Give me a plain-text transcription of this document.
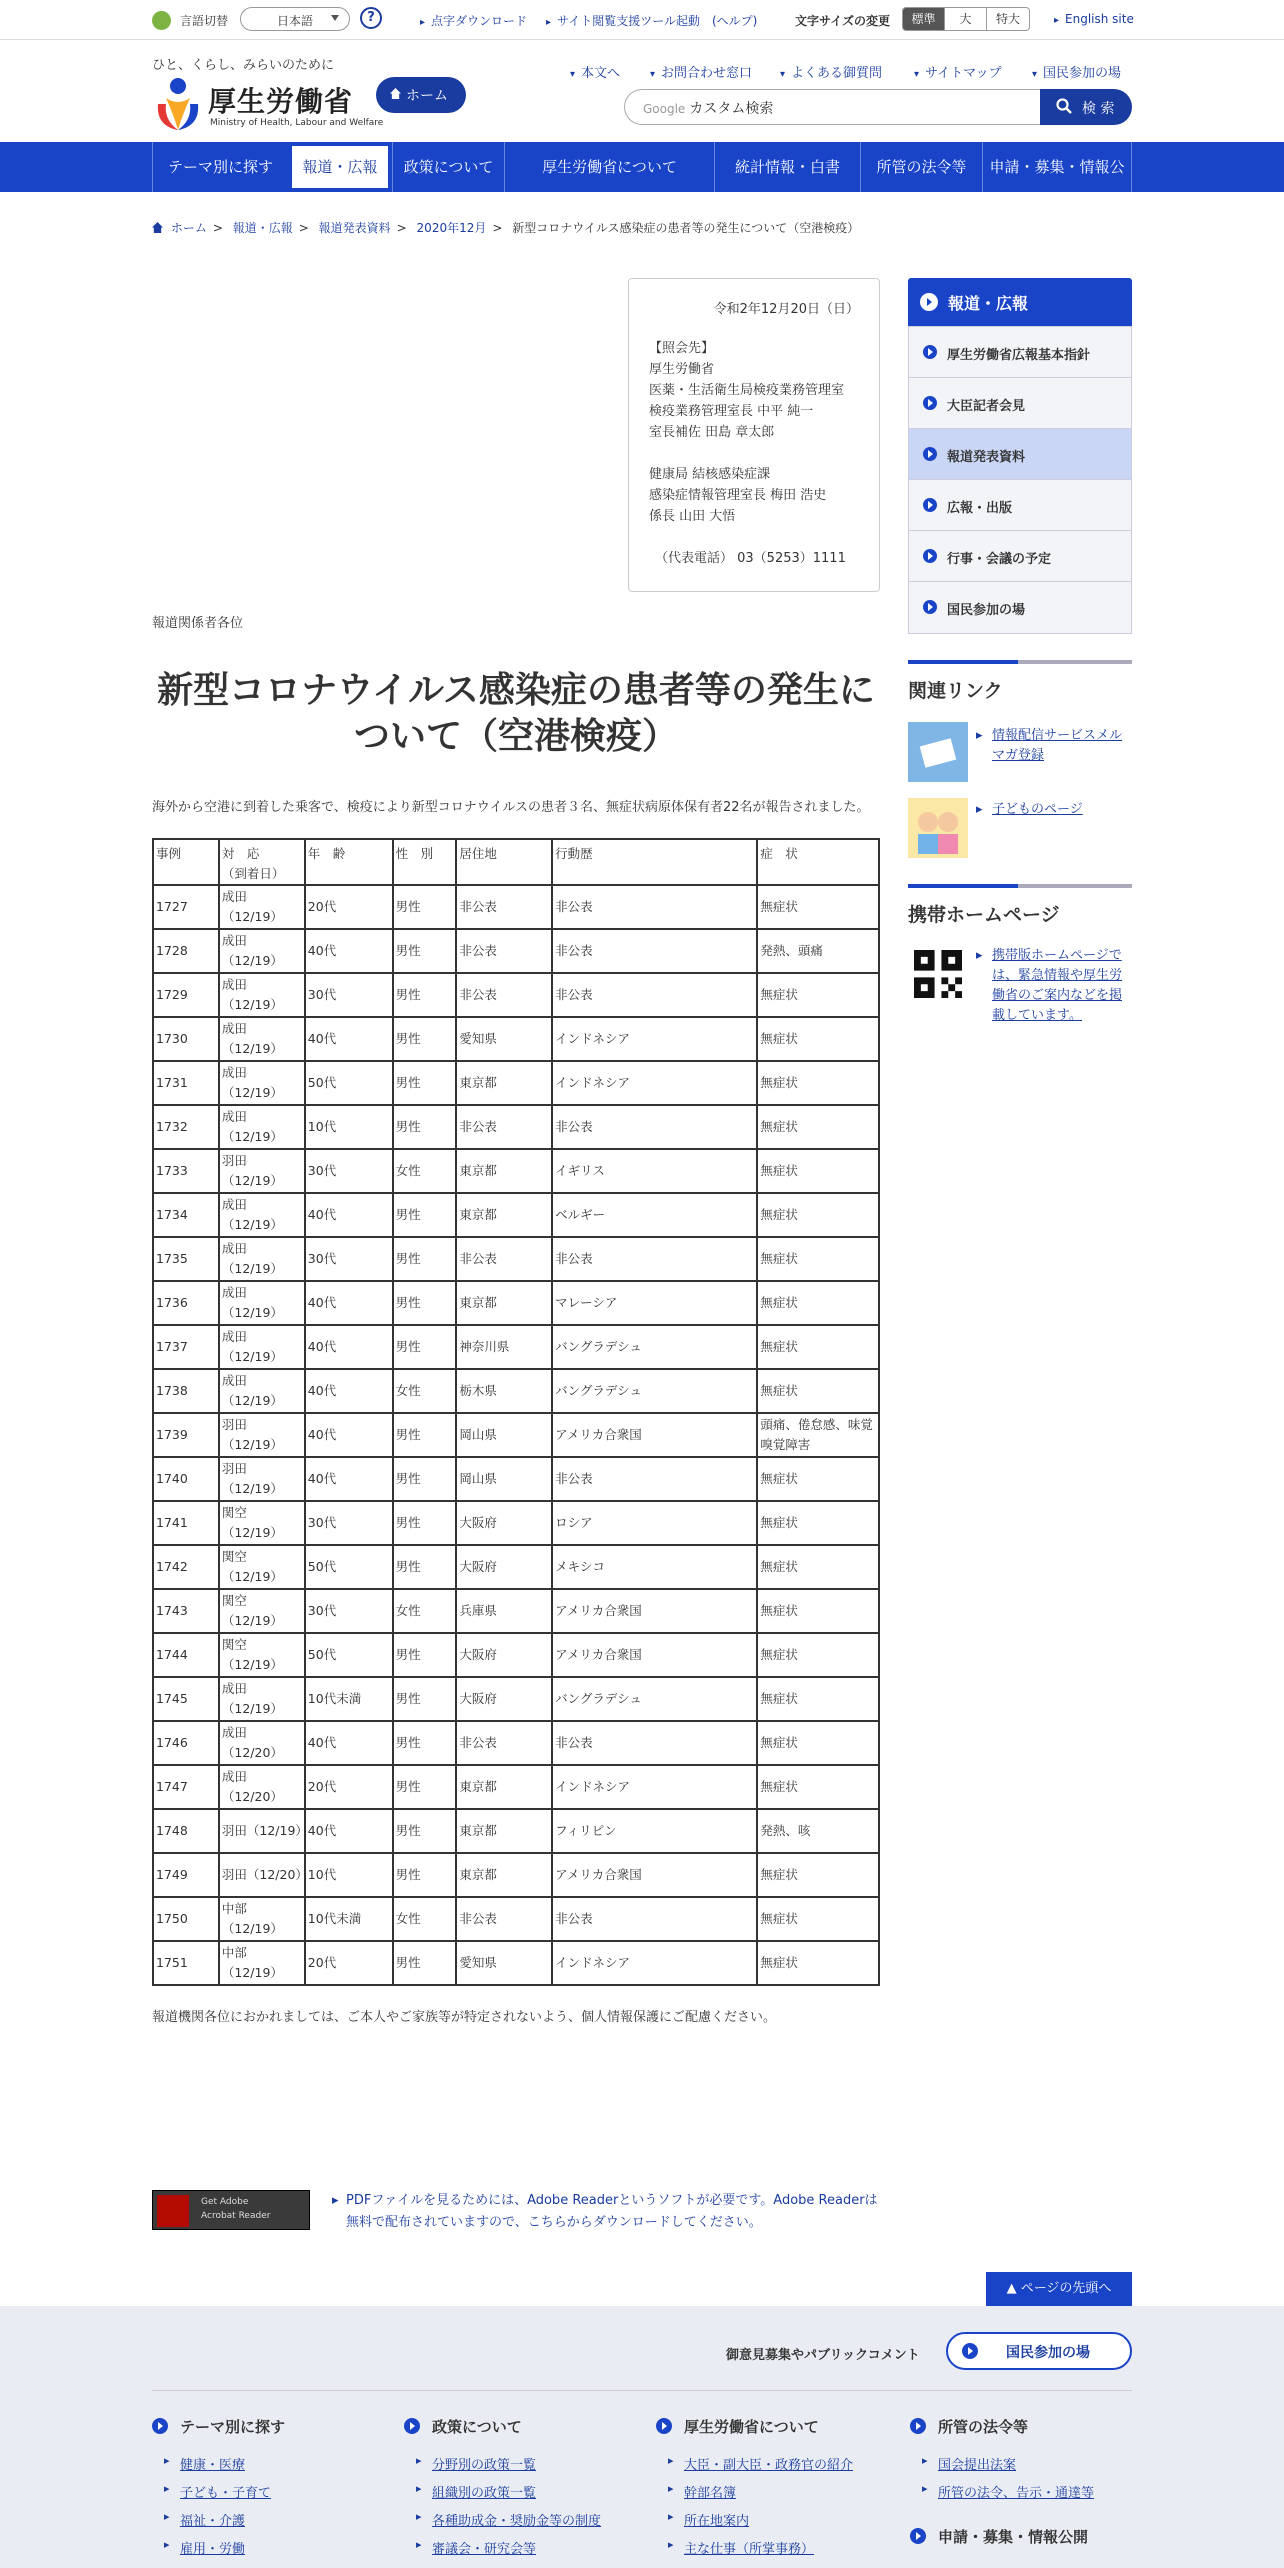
言語切替	日本語	?	▸ 点字ダウンロード	▸ サイト閲覧支援ツール起動　(ヘルプ)	文字サイズの変更	標準	大	特大	▸ English site
ひと、くらし、みらいのために
厚生労働省
Ministry of Health, Labour and Welfare
ホーム
▾ 本文へ	▾ お問合わせ窓口	▾ よくある御質問	▾ サイトマップ	▾ 国民参加の場
Google カスタム検索	検 索
テーマ別に探す	報道・広報	政策について	厚生労働省について	統計情報・白書	所管の法令等	申請・募集・情報公開
ホーム > 報道・広報 > 報道発表資料 > 2020年12月 > 新型コロナウイルス感染症の患者等の発生について（空港検疫）
令和2年12月20日（日）
【照会先】
厚生労働省
医薬・生活衛生局検疫業務管理室
検疫業務管理室長 中平 純一
室長補佐 田島 章太郎
健康局 結核感染症課
感染症情報管理室長 梅田 浩史
係長 山田 大悟
（代表電話） 03（5253）1111
報道関係者各位
新型コロナウイルス感染症の患者等の発生について（空港検疫）

海外から空港に到着した乗客で、検疫により新型コロナウイルスの患者３名、無症状病原体保有者22名が報告されました。

事例	対　応
（到着日）	年　齢	性　別	居住地	行動歴	症　状
1727	成田
（12/19）	20代	男性	非公表	非公表	無症状
1728	成田
（12/19）	40代	男性	非公表	非公表	発熱、頭痛
1729	成田
（12/19）	30代	男性	非公表	非公表	無症状
1730	成田
（12/19）	40代	男性	愛知県	インドネシア	無症状
1731	成田
（12/19）	50代	男性	東京都	インドネシア	無症状
1732	成田
（12/19）	10代	男性	非公表	非公表	無症状
1733	羽田
（12/19）	30代	女性	東京都	イギリス	無症状
1734	成田
（12/19）	40代	男性	東京都	ベルギー	無症状
1735	成田
（12/19）	30代	男性	非公表	非公表	無症状
1736	成田
（12/19）	40代	男性	東京都	マレーシア	無症状
1737	成田
（12/19）	40代	男性	神奈川県	バングラデシュ	無症状
1738	成田
（12/19）	40代	女性	栃木県	バングラデシュ	無症状
1739	羽田
（12/19）	40代	男性	岡山県	アメリカ合衆国	頭痛、倦怠感、味覚嗅覚障害
1740	羽田
（12/19）	40代	男性	岡山県	非公表	無症状
1741	関空
（12/19）	30代	男性	大阪府	ロシア	無症状
1742	関空
（12/19）	50代	男性	大阪府	メキシコ	無症状
1743	関空
（12/19）	30代	女性	兵庫県	アメリカ合衆国	無症状
1744	関空
（12/19）	50代	男性	大阪府	アメリカ合衆国	無症状
1745	成田
（12/19）	10代未満	男性	大阪府	バングラデシュ	無症状
1746	成田
（12/20）	40代	男性	非公表	非公表	無症状
1747	成田
（12/20）	20代	男性	東京都	インドネシア	無症状
1748	羽田（12/19）	40代	男性	東京都	フィリピン	発熱、咳
1749	羽田（12/20）	10代	男性	東京都	アメリカ合衆国	無症状
1750	中部
（12/19）	10代未満	女性	非公表	非公表	無症状
1751	中部
（12/19）	20代	男性	愛知県	インドネシア	無症状
報道機関各位におかれましては、ご本人やご家族等が特定されないよう、個人情報保護にご配慮ください。
Get Adobe
Acrobat Reader
▸ PDFファイルを見るためには、Adobe Readerというソフトが必要です。Adobe Readerは無料で配布されていますので、こちらからダウンロードしてください。
▲ ページの先頭へ
報道・広報
厚生労働省広報基本指針
大臣記者会見
報道発表資料
広報・出版
行事・会議の予定
国民参加の場
関連リンク
▸ 情報配信サービスメルマガ登録
▸ 子どものページ
携帯ホームページ
▸ 携帯版ホームページでは、緊急情報や厚生労働省のご案内などを掲載しています。
御意見募集やパブリックコメント	国民参加の場
テーマ別に探す
▸ 健康・医療
▸ 子ども・子育て
▸ 福祉・介護
▸ 雇用・労働
政策について
▸ 分野別の政策一覧
▸ 組織別の政策一覧
▸ 各種助成金・奨励金等の制度
▸ 審議会・研究会等
厚生労働省について
▸ 大臣・副大臣・政務官の紹介
▸ 幹部名簿
▸ 所在地案内
▸ 主な仕事（所掌事務）
所管の法令等
▸ 国会提出法案
▸ 所管の法令、告示・通達等
申請・募集・情報公開
